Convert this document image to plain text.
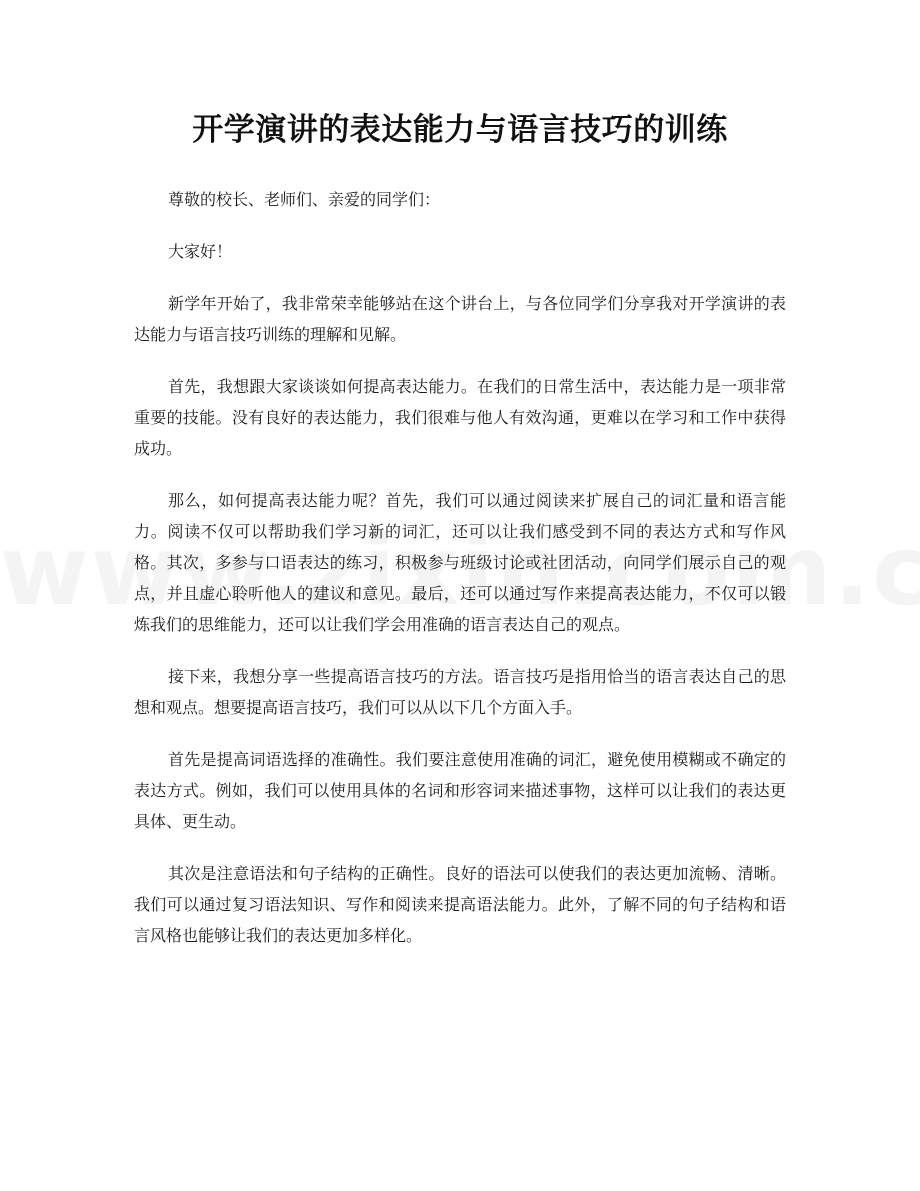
开学演讲的表达能力与语言技巧的训练

尊敬的校长、老师们、亲爱的同学们：

大家好！

新学年开始了，我非常荣幸能够站在这个讲台上，与各位同学们分享我对开学演讲的表达能力与语言技巧训练的理解和见解。

首先，我想跟大家谈谈如何提高表达能力。在我们的日常生活中，表达能力是一项非常重要的技能。没有良好的表达能力，我们很难与他人有效沟通，更难以在学习和工作中获得成功。

那么，如何提高表达能力呢？首先，我们可以通过阅读来扩展自己的词汇量和语言能力。阅读不仅可以帮助我们学习新的词汇，还可以让我们感受到不同的表达方式和写作风格。其次，多参与口语表达的练习，积极参与班级讨论或社团活动，向同学们展示自己的观点，并且虚心聆听他人的建议和意见。最后，还可以通过写作来提高表达能力，不仅可以锻炼我们的思维能力，还可以让我们学会用准确的语言表达自己的观点。

接下来，我想分享一些提高语言技巧的方法。语言技巧是指用恰当的语言表达自己的思想和观点。想要提高语言技巧，我们可以从以下几个方面入手。

首先是提高词语选择的准确性。我们要注意使用准确的词汇，避免使用模糊或不确定的表达方式。例如，我们可以使用具体的名词和形容词来描述事物，这样可以让我们的表达更具体、更生动。

其次是注意语法和句子结构的正确性。良好的语法可以使我们的表达更加流畅、清晰。我们可以通过复习语法知识、写作和阅读来提高语法能力。此外，了解不同的句子结构和语言风格也能够让我们的表达更加多样化。
